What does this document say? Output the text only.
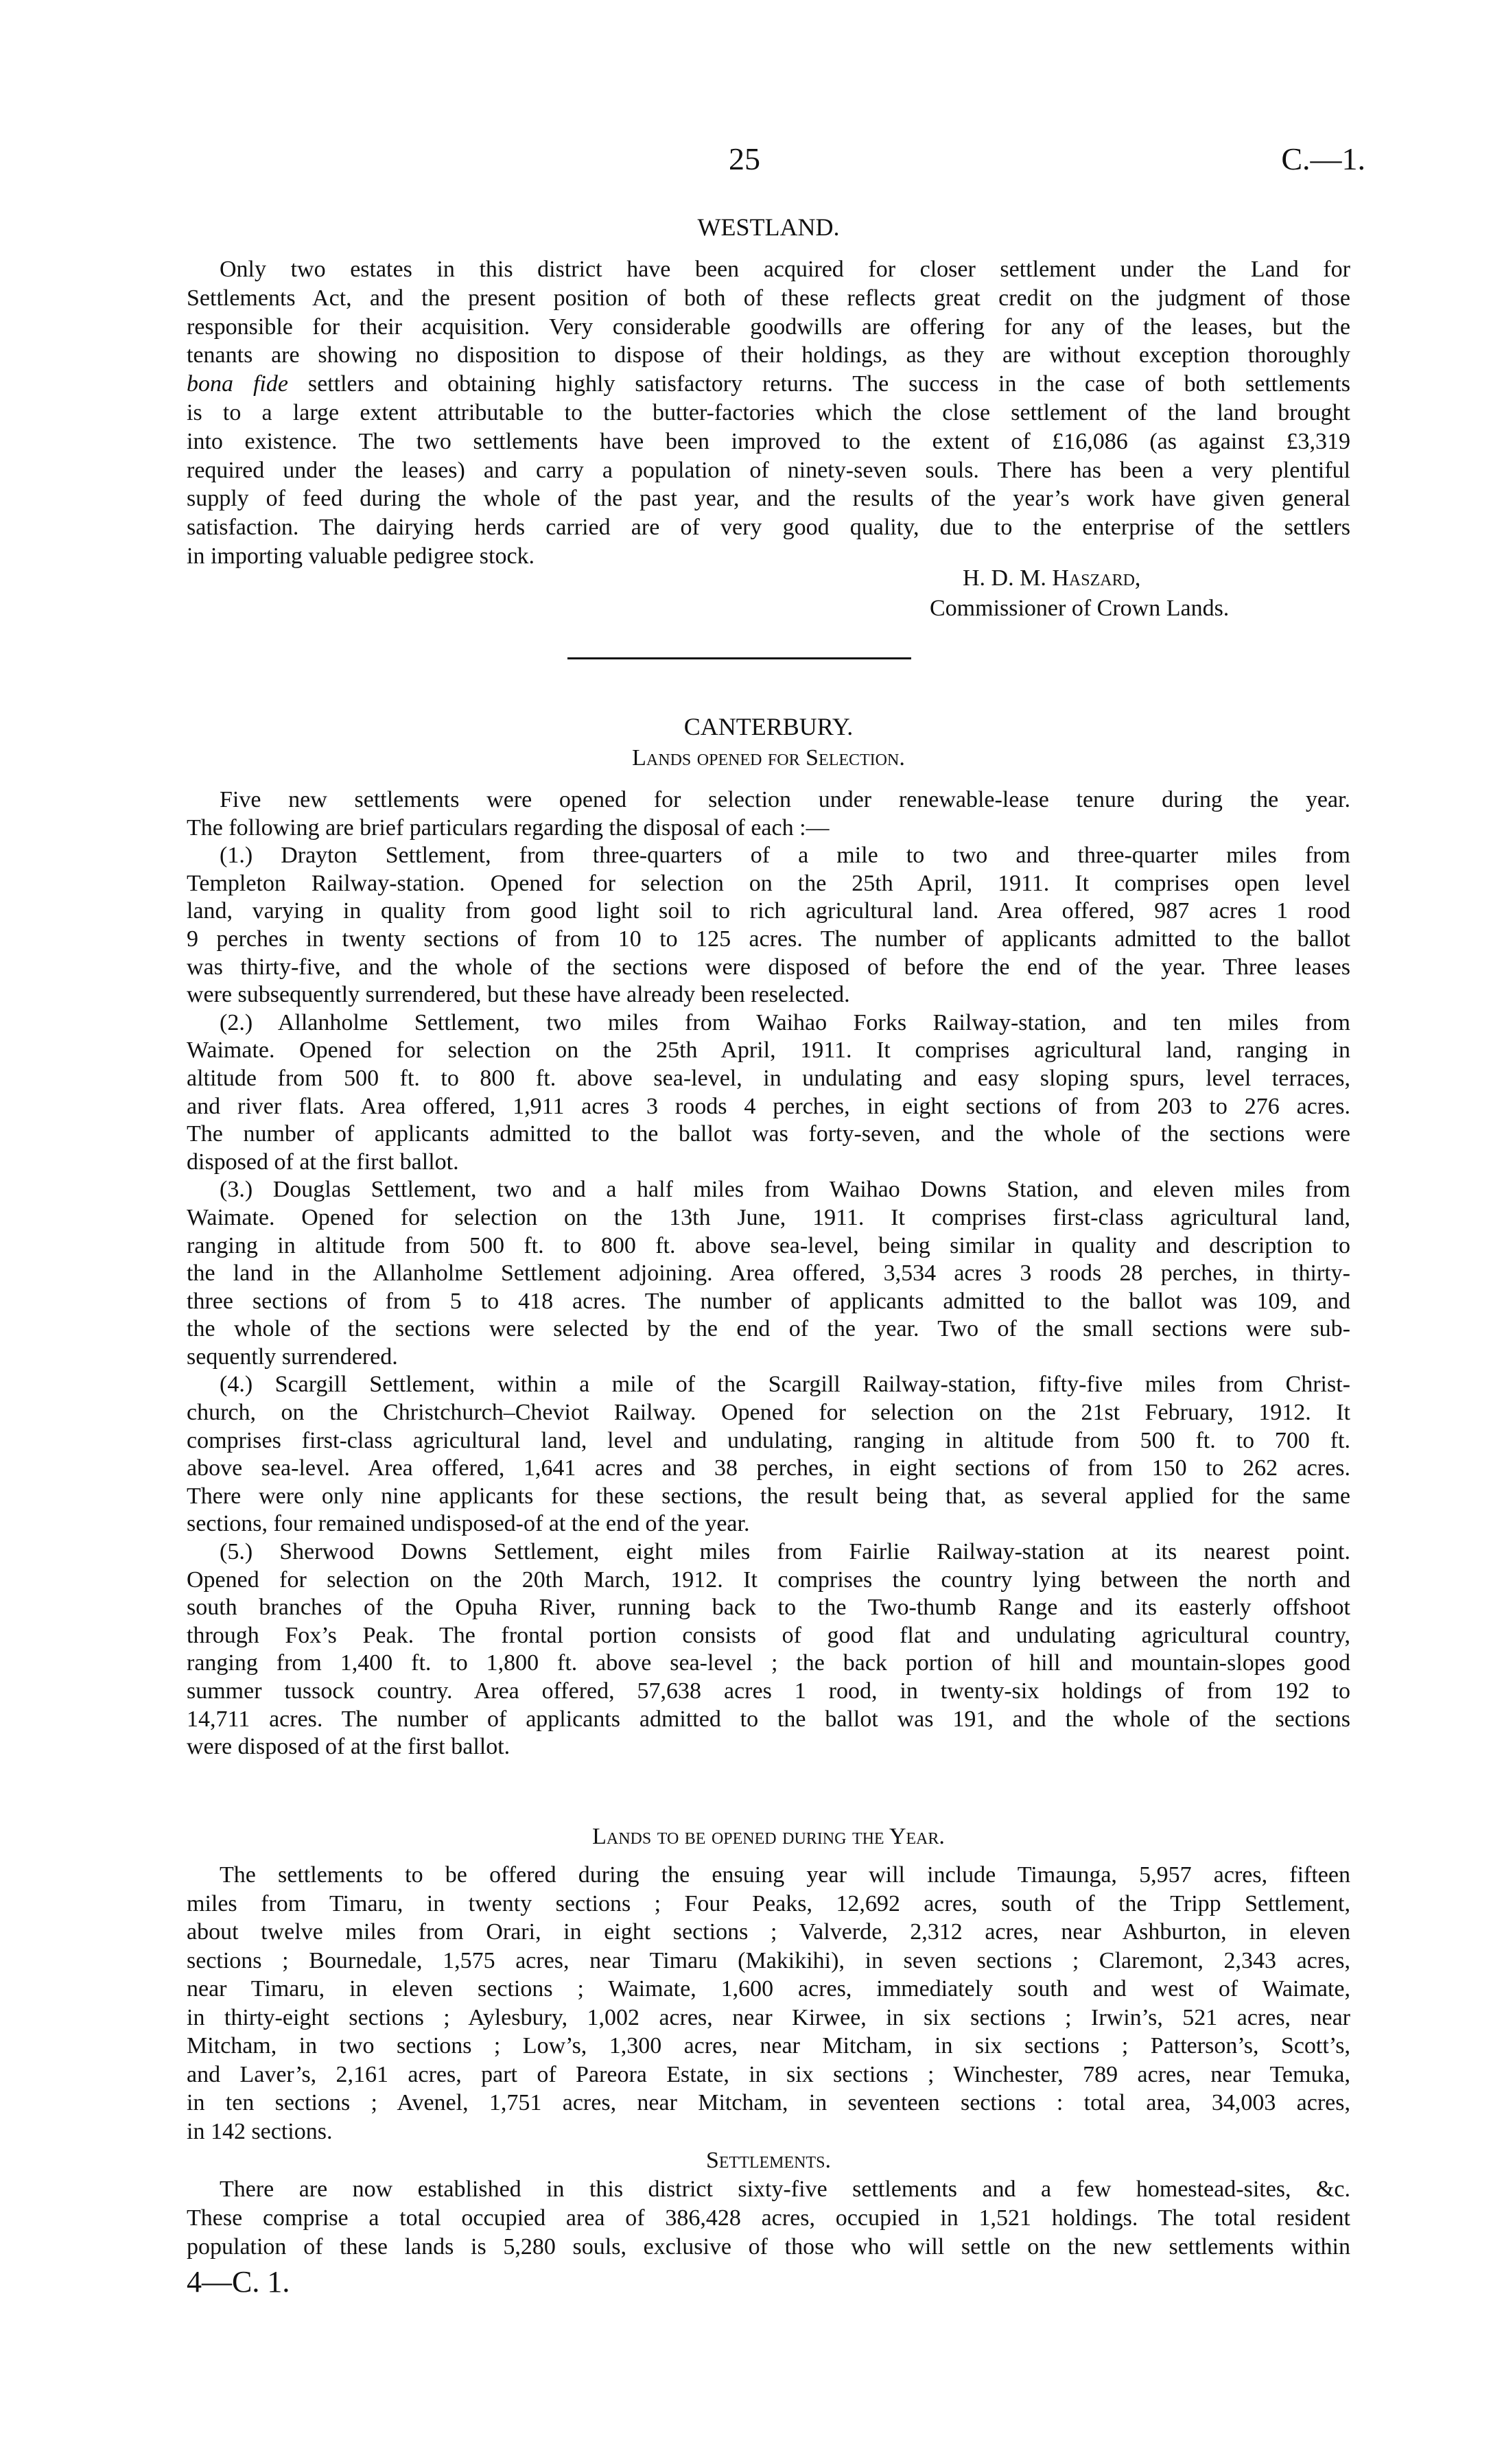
25	C.—1.
WESTLAND.
Only two estates in this district have been acquired for closer settlement under the Land for
Settlements Act, and the present position of both of these reflects great credit on the judgment of those
responsible for their acquisition. Very considerable goodwills are offering for any of the leases, but the
tenants are showing no disposition to dispose of their holdings, as they are without exception thoroughly
bona fide settlers and obtaining highly satisfactory returns. The success in the case of both settlements
is to a large extent attributable to the butter-factories which the close settlement of the land brought
into existence. The two settlements have been improved to the extent of £16,086 (as against £3,319
required under the leases) and carry a population of ninety-seven souls. There has been a very plentiful
supply of feed during the whole of the past year, and the results of the year’s work have given general
satisfaction. The dairying herds carried are of very good quality, due to the enterprise of the settlers
in importing valuable pedigree stock.
H. D. M. Haszard,
Commissioner of Crown Lands.
CANTERBURY.
Lands opened for Selection.
Five new settlements were opened for selection under renewable-lease tenure during the year.
The following are brief particulars regarding the disposal of each :—
(1.) Drayton Settlement, from three-quarters of a mile to two and three-quarter miles from
Templeton Railway-station. Opened for selection on the 25th April, 1911. It comprises open level
land, varying in quality from good light soil to rich agricultural land. Area offered, 987 acres 1 rood
9 perches in twenty sections of from 10 to 125 acres. The number of applicants admitted to the ballot
was thirty-five, and the whole of the sections were disposed of before the end of the year. Three leases
were subsequently surrendered, but these have already been reselected.
(2.) Allanholme Settlement, two miles from Waihao Forks Railway-station, and ten miles from
Waimate. Opened for selection on the 25th April, 1911. It comprises agricultural land, ranging in
altitude from 500 ft. to 800 ft. above sea-level, in undulating and easy sloping spurs, level terraces,
and river flats. Area offered, 1,911 acres 3 roods 4 perches, in eight sections of from 203 to 276 acres.
The number of applicants admitted to the ballot was forty-seven, and the whole of the sections were
disposed of at the first ballot.
(3.) Douglas Settlement, two and a half miles from Waihao Downs Station, and eleven miles from
Waimate. Opened for selection on the 13th June, 1911. It comprises first-class agricultural land,
ranging in altitude from 500 ft. to 800 ft. above sea-level, being similar in quality and description to
the land in the Allanholme Settlement adjoining. Area offered, 3,534 acres 3 roods 28 perches, in thirty-
three sections of from 5 to 418 acres. The number of applicants admitted to the ballot was 109, and
the whole of the sections were selected by the end of the year. Two of the small sections were sub-
sequently surrendered.
(4.) Scargill Settlement, within a mile of the Scargill Railway-station, fifty-five miles from Christ-
church, on the Christchurch–Cheviot Railway. Opened for selection on the 21st February, 1912. It
comprises first-class agricultural land, level and undulating, ranging in altitude from 500 ft. to 700 ft.
above sea-level. Area offered, 1,641 acres and 38 perches, in eight sections of from 150 to 262 acres.
There were only nine applicants for these sections, the result being that, as several applied for the same
sections, four remained undisposed-of at the end of the year.
(5.) Sherwood Downs Settlement, eight miles from Fairlie Railway-station at its nearest point.
Opened for selection on the 20th March, 1912. It comprises the country lying between the north and
south branches of the Opuha River, running back to the Two-thumb Range and its easterly offshoot
through Fox’s Peak. The frontal portion consists of good flat and undulating agricultural country,
ranging from 1,400 ft. to 1,800 ft. above sea-level ; the back portion of hill and mountain-slopes good
summer tussock country. Area offered, 57,638 acres 1 rood, in twenty-six holdings of from 192 to
14,711 acres. The number of applicants admitted to the ballot was 191, and the whole of the sections
were disposed of at the first ballot.
Lands to be opened during the Year.
The settlements to be offered during the ensuing year will include Timaunga, 5,957 acres, fifteen
miles from Timaru, in twenty sections ; Four Peaks, 12,692 acres, south of the Tripp Settlement,
about twelve miles from Orari, in eight sections ; Valverde, 2,312 acres, near Ashburton, in eleven
sections ; Bournedale, 1,575 acres, near Timaru (Makikihi), in seven sections ; Claremont, 2,343 acres,
near Timaru, in eleven sections ; Waimate, 1,600 acres, immediately south and west of Waimate,
in thirty-eight sections ; Aylesbury, 1,002 acres, near Kirwee, in six sections ; Irwin’s, 521 acres, near
Mitcham, in two sections ; Low’s, 1,300 acres, near Mitcham, in six sections ; Patterson’s, Scott’s,
and Laver’s, 2,161 acres, part of Pareora Estate, in six sections ; Winchester, 789 acres, near Temuka,
in ten sections ; Avenel, 1,751 acres, near Mitcham, in seventeen sections : total area, 34,003 acres,
in 142 sections.
Settlements.
There are now established in this district sixty-five settlements and a few homestead-sites, &c.
These comprise a total occupied area of 386,428 acres, occupied in 1,521 holdings. The total resident
population of these lands is 5,280 souls, exclusive of those who will settle on the new settlements within
4—C. 1.
